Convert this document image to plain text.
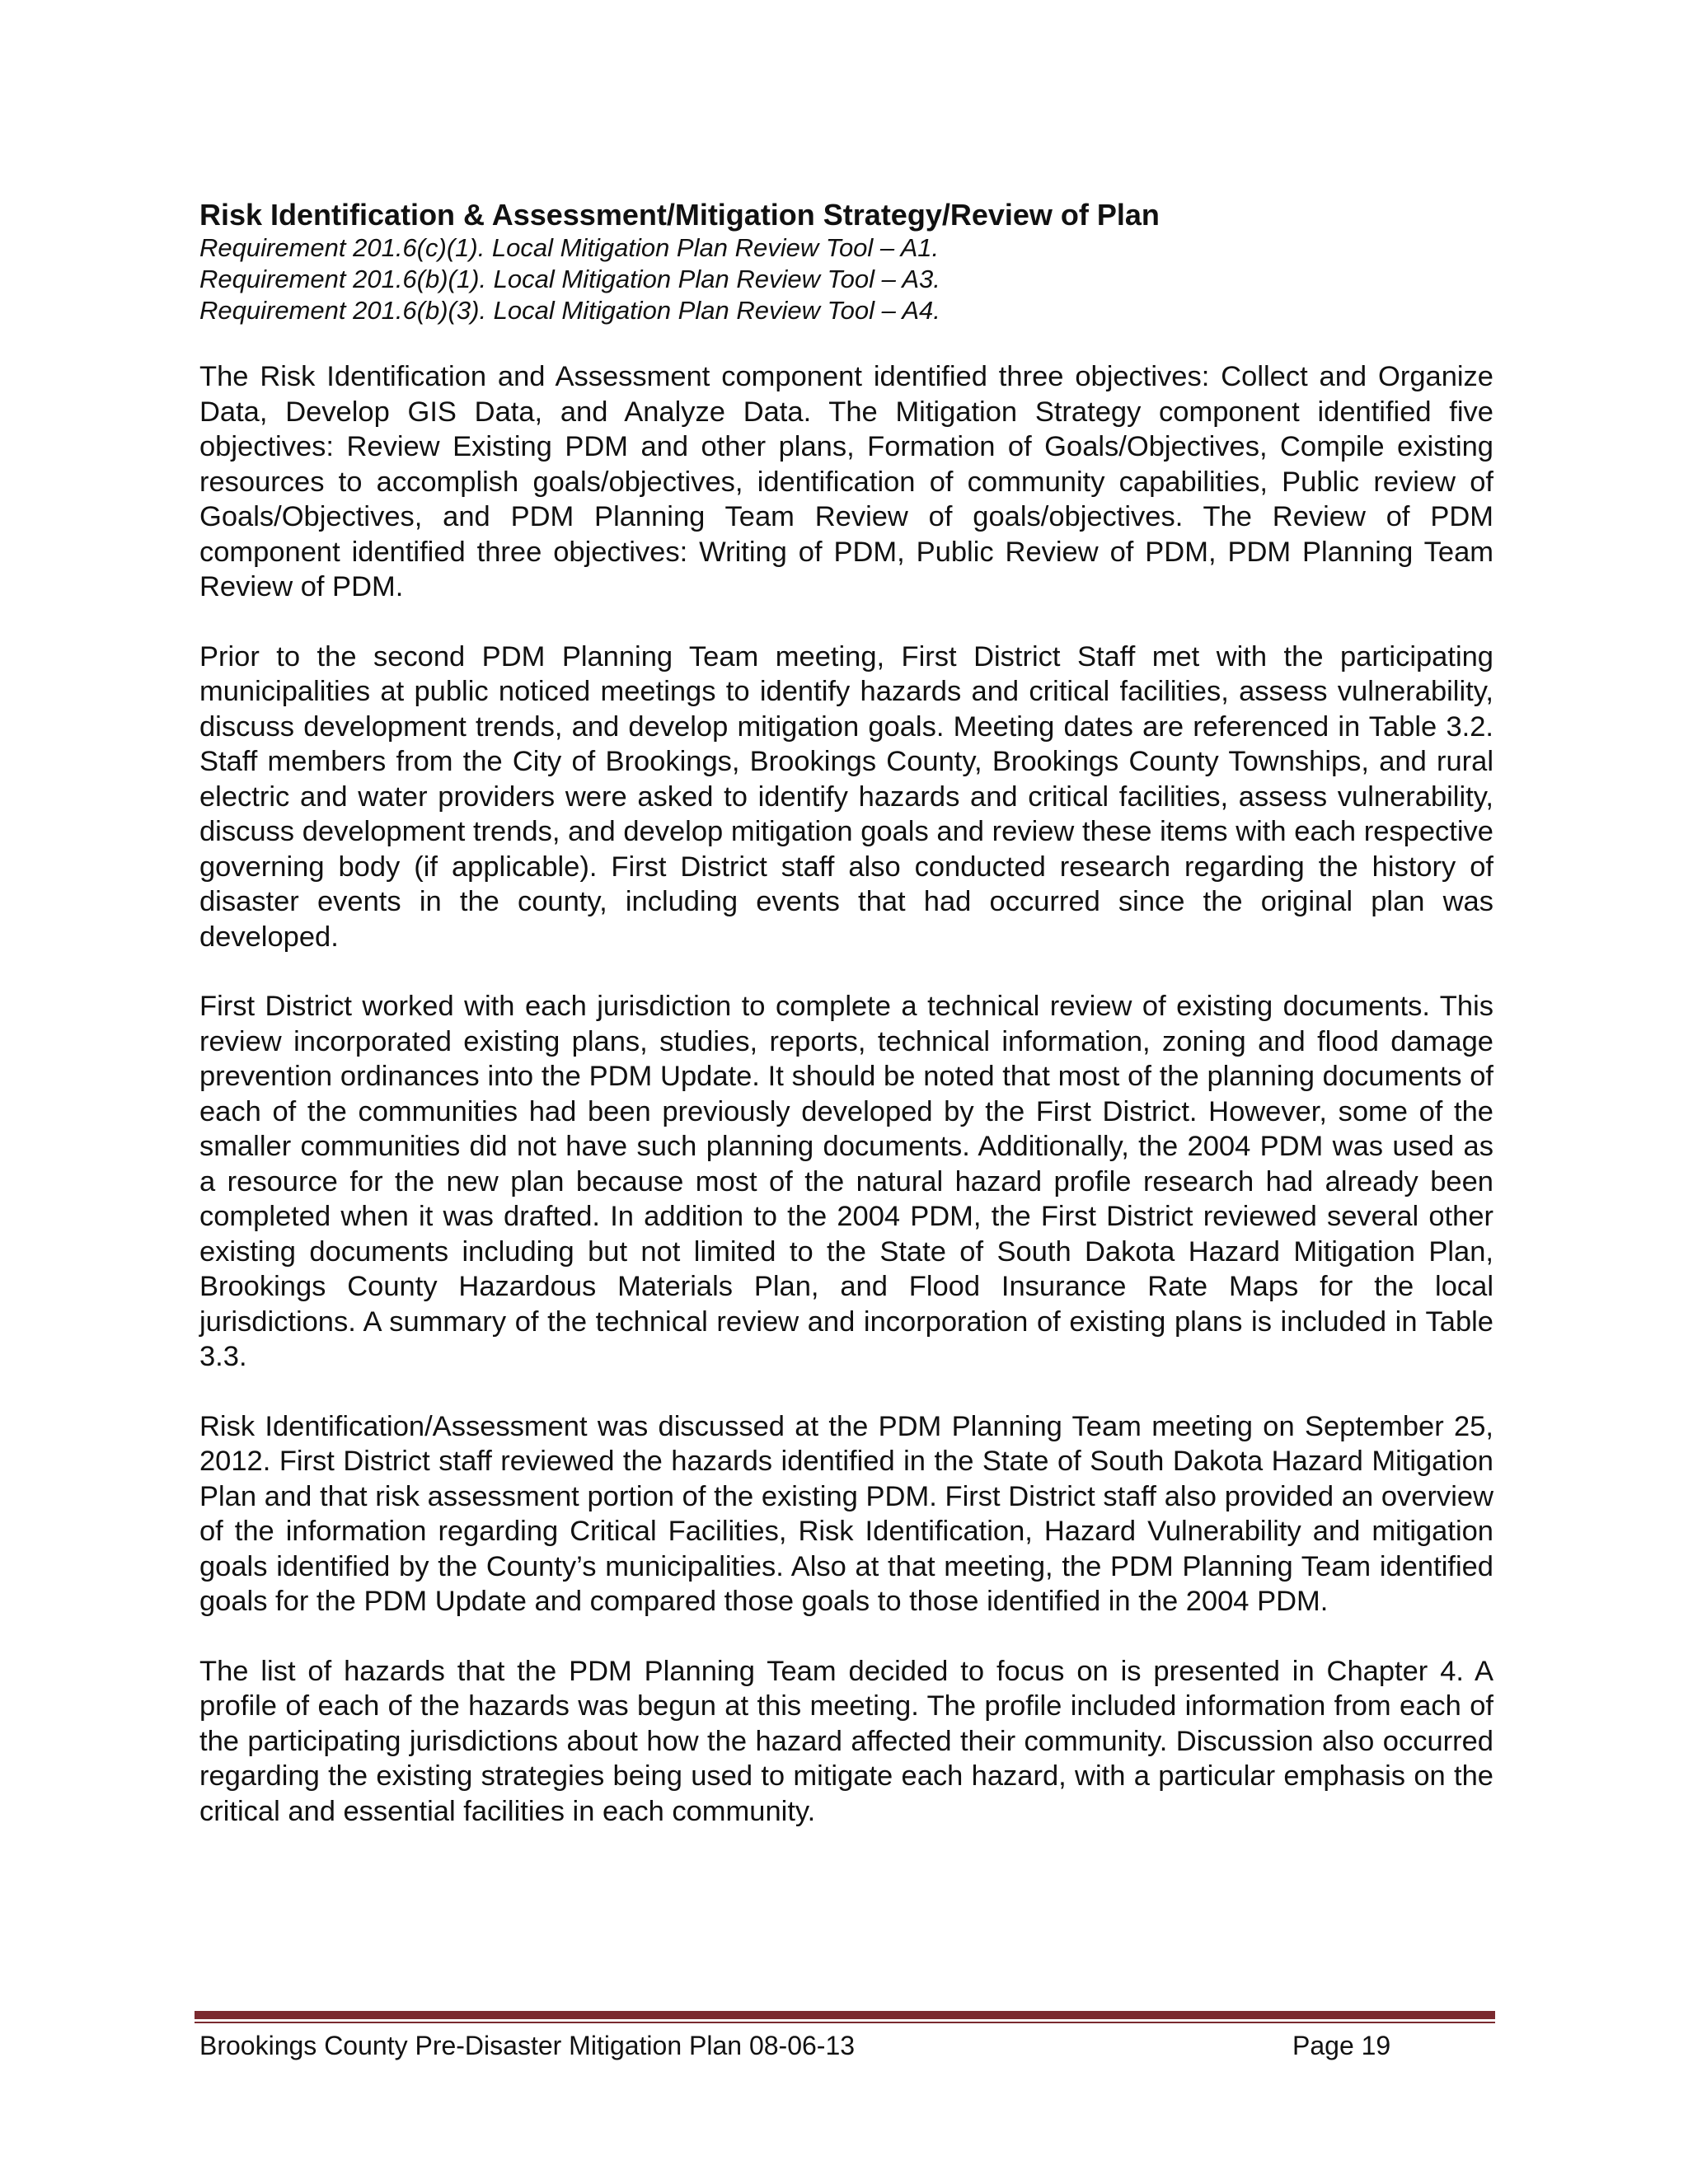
Risk Identification & Assessment/Mitigation Strategy/Review of Plan

Requirement 201.6(c)(1). Local Mitigation Plan Review Tool – A1.

Requirement 201.6(b)(1). Local Mitigation Plan Review Tool – A3.

Requirement 201.6(b)(3). Local Mitigation Plan Review Tool – A4.

The Risk Identification and Assessment component identified three objectives: Collect and Organize Data, Develop GIS Data, and Analyze Data. The Mitigation Strategy component identified five objectives: Review Existing PDM and other plans, Formation of Goals/Objectives, Compile existing resources to accomplish goals/objectives, identification of community capabilities, Public review of Goals/Objectives, and PDM Planning Team Review of goals/objectives. The Review of PDM component identified three objectives: Writing of PDM, Public Review of PDM, PDM Planning Team Review of PDM.

Prior to the second PDM Planning Team meeting, First District Staff met with the participating municipalities at public noticed meetings to identify hazards and critical facilities, assess vulnerability, discuss development trends, and develop mitigation goals. Meeting dates are referenced in Table 3.2. Staff members from the City of Brookings, Brookings County, Brookings County Townships, and rural electric and water providers were asked to identify hazards and critical facilities, assess vulnerability, discuss development trends, and develop mitigation goals and review these items with each respective governing body (if applicable). First District staff also conducted research regarding the history of disaster events in the county, including events that had occurred since the original plan was developed.

First District worked with each jurisdiction to complete a technical review of existing documents. This review incorporated existing plans, studies, reports, technical information, zoning and flood damage prevention ordinances into the PDM Update. It should be noted that most of the planning documents of each of the communities had been previously developed by the First District. However, some of the smaller communities did not have such planning documents. Additionally, the 2004 PDM was used as a resource for the new plan because most of the natural hazard profile research had already been completed when it was drafted. In addition to the 2004 PDM, the First District reviewed several other existing documents including but not limited to the State of South Dakota Hazard Mitigation Plan, Brookings County Hazardous Materials Plan, and Flood Insurance Rate Maps for the local jurisdictions. A summary of the technical review and incorporation of existing plans is included in Table 3.3.

Risk Identification/Assessment was discussed at the PDM Planning Team meeting on September 25, 2012. First District staff reviewed the hazards identified in the State of South Dakota Hazard Mitigation Plan and that risk assessment portion of the existing PDM. First District staff also provided an overview of the information regarding Critical Facilities, Risk Identification, Hazard Vulnerability and mitigation goals identified by the County’s municipalities. Also at that meeting, the PDM Planning Team identified goals for the PDM Update and compared those goals to those identified in the 2004 PDM.

The list of hazards that the PDM Planning Team decided to focus on is presented in Chapter 4. A profile of each of the hazards was begun at this meeting. The profile included information from each of the participating jurisdictions about how the hazard affected their community. Discussion also occurred regarding the existing strategies being used to mitigate each hazard, with a particular emphasis on the critical and essential facilities in each community.

Brookings County Pre-Disaster Mitigation Plan 08-06-13	Page 19
